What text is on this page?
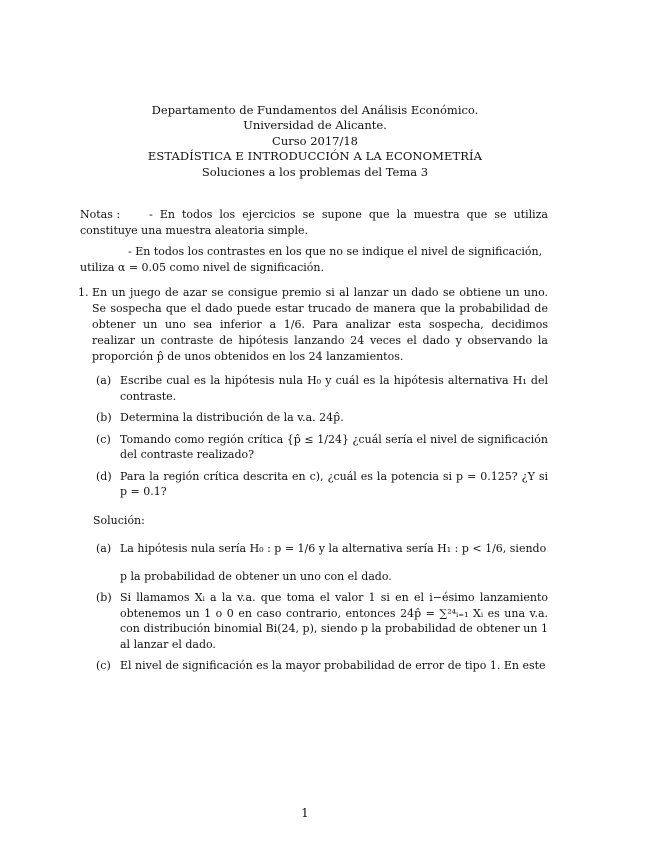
Departamento de Fundamentos del Análisis Económico.
Universidad de Alicante.
Curso 2017/18
ESTADÍSTICA E INTRODUCCIÓN A LA ECONOMETRÍA
Soluciones a los problemas del Tema 3

Notas :	- En todos los ejercicios se supone que la muestra que se utiliza constituye una muestra aleatoria simple.

- En todos los contrastes en los que no se indique el nivel de significación,
utiliza α = 0.05 como nivel de significación.

1. En un juego de azar se consigue premio si al lanzar un dado se obtiene un uno. Se sospecha que el dado puede estar trucado de manera que la probabilidad de obtener un uno sea inferior a 1/6. Para analizar esta sospecha, decidimos realizar un contraste de hipótesis lanzando 24 veces el dado y observando la proporción p̂ de unos obtenidos en los 24 lanzamientos.
(a) Escribe cual es la hipótesis nula H₀ y cuál es la hipótesis alternativa H₁ del contraste.
(b) Determina la distribución de la v.a. 24p̂.
(c) Tomando como región crítica {p̂ ≤ 1/24} ¿cuál sería el nivel de significación del contraste realizado?
(d) Para la región crítica descrita en c), ¿cuál es la potencia si p = 0.125? ¿Y si p = 0.1?
Solución:
(a) La hipótesis nula sería H₀ : p = 1/6 y la alternativa sería H₁ : p < 1/6, siendo
p la probabilidad de obtener un uno con el dado.
(b) Si llamamos Xᵢ a la v.a. que toma el valor 1 si en el i−ésimo lanzamiento obtenemos un 1 o 0 en caso contrario, entonces 24p̂ = ∑²⁴ᵢ₌₁ Xᵢ es una v.a. con distribución binomial Bi(24, p), siendo p la probabilidad de obtener un 1 al lanzar el dado.
(c) El nivel de significación es la mayor probabilidad de error de tipo 1. En este
1
